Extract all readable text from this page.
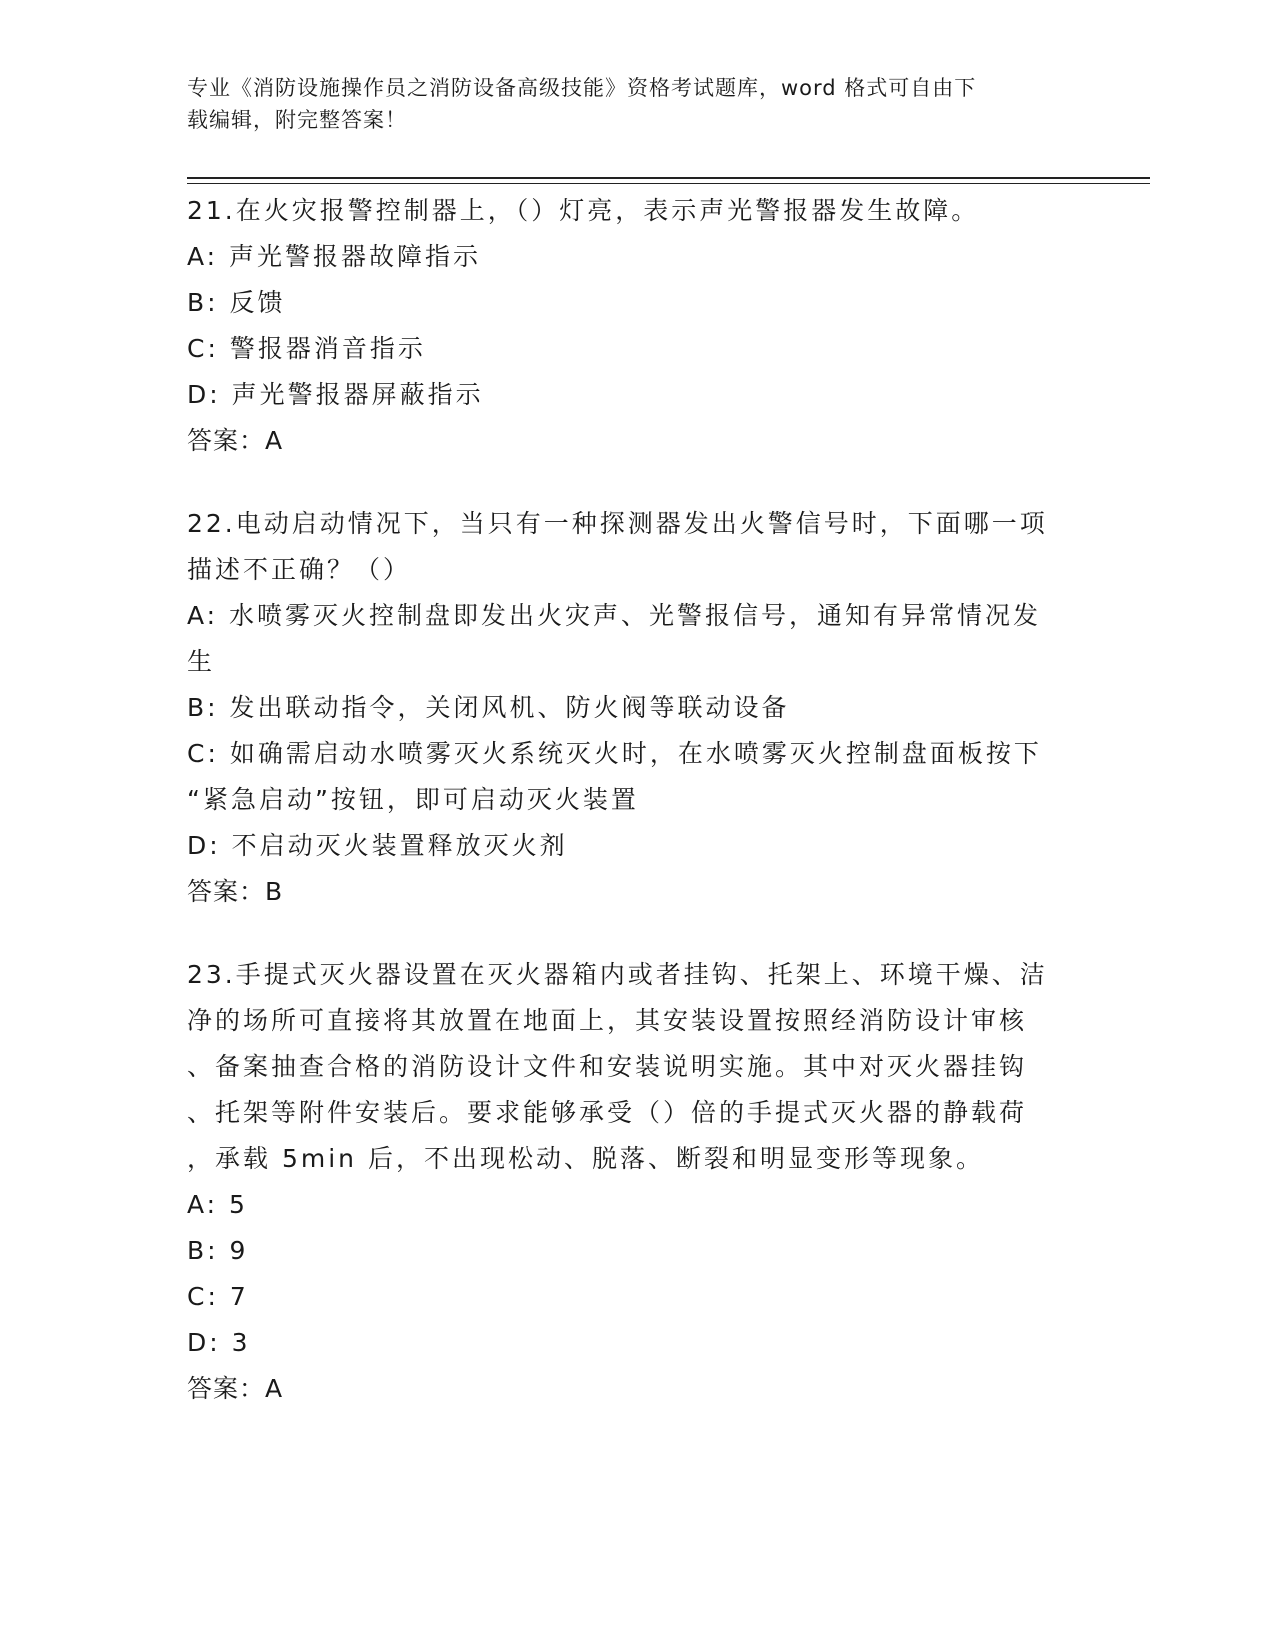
专业《消防设施操作员之消防设备高级技能》资格考试题库，word 格式可自由下
载编辑，附完整答案！
21.在火灾报警控制器上，（）灯亮，表示声光警报器发生故障。
A: 声光警报器故障指示
B: 反馈
C: 警报器消音指示
D: 声光警报器屏蔽指示
答案：A
22.电动启动情况下，当只有一种探测器发出火警信号时，下面哪一项
描述不正确？（）
A: 水喷雾灭火控制盘即发出火灾声、光警报信号，通知有异常情况发
生
B: 发出联动指令，关闭风机、防火阀等联动设备
C: 如确需启动水喷雾灭火系统灭火时，在水喷雾灭火控制盘面板按下
“紧急启动”按钮，即可启动灭火装置
D: 不启动灭火装置释放灭火剂
答案：B
23.手提式灭火器设置在灭火器箱内或者挂钩、托架上、环境干燥、洁
净的场所可直接将其放置在地面上，其安装设置按照经消防设计审核
、备案抽查合格的消防设计文件和安装说明实施。其中对灭火器挂钩
、托架等附件安装后。要求能够承受（）倍的手提式灭火器的静载荷
，承载 5min 后，不出现松动、脱落、断裂和明显变形等现象。
A: 5
B: 9
C: 7
D: 3
答案：A
